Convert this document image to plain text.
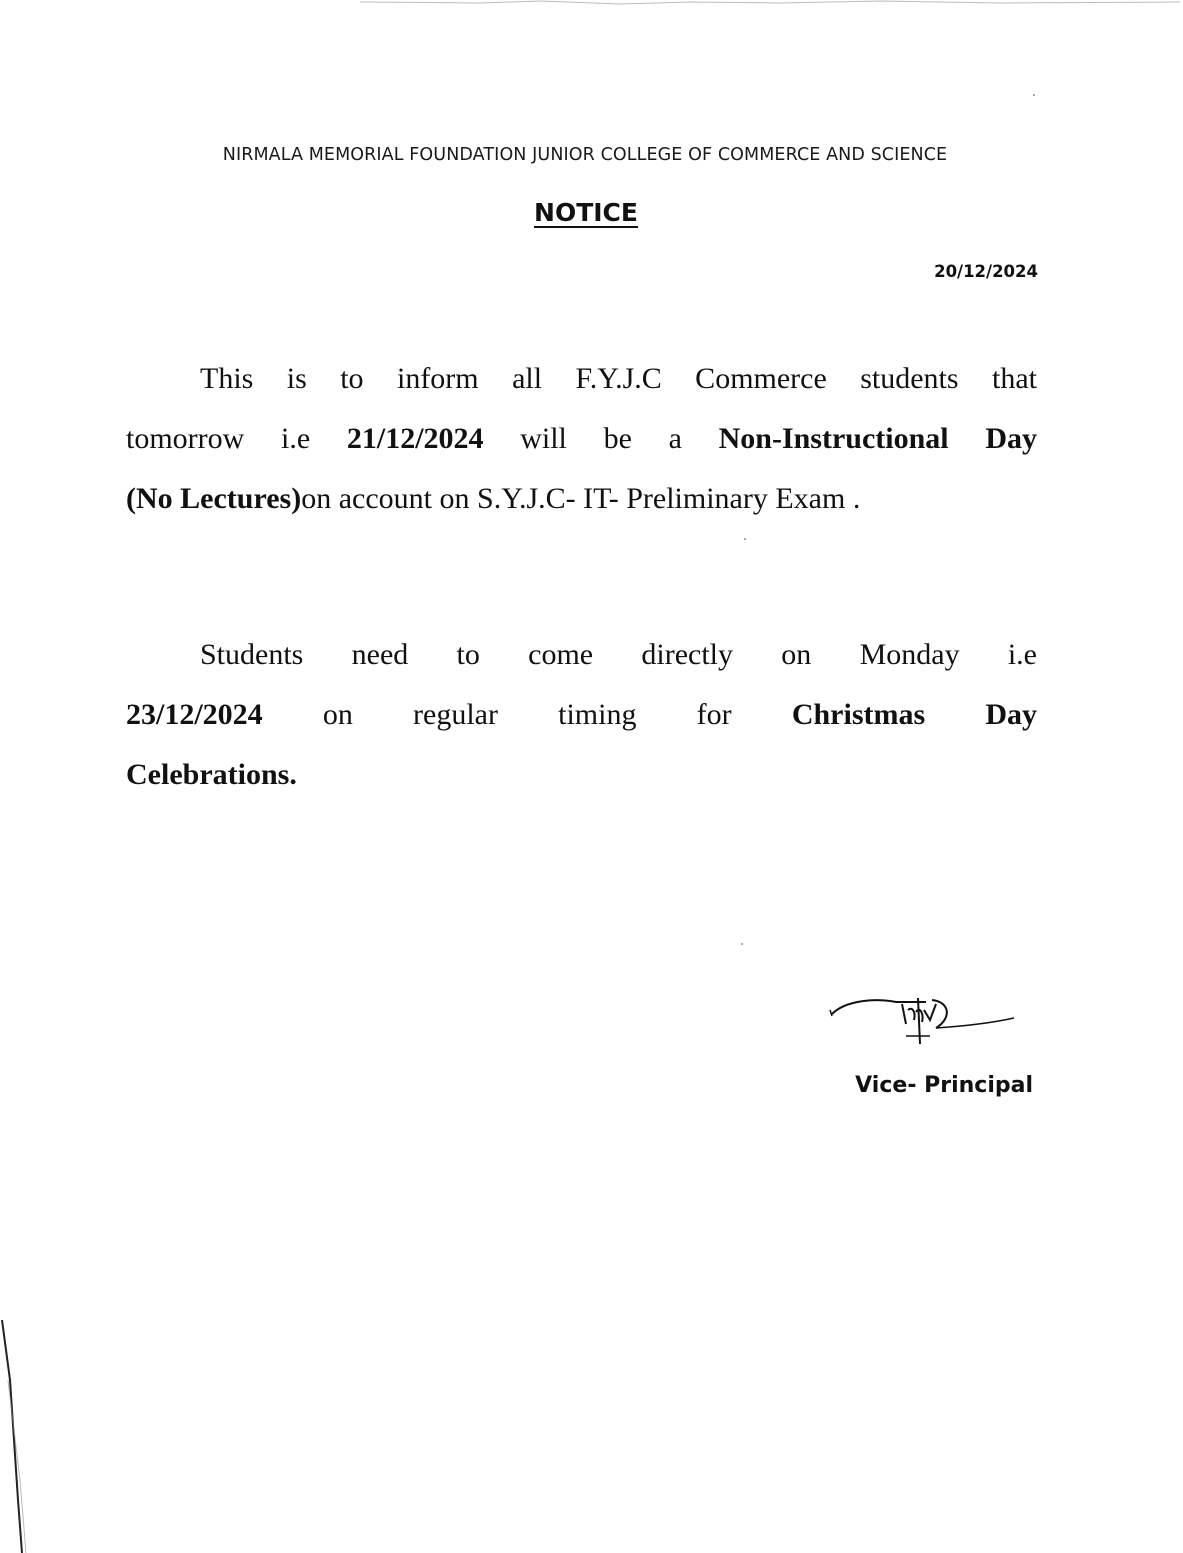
NIRMALA MEMORIAL FOUNDATION JUNIOR COLLEGE OF COMMERCE AND SCIENCE
NOTICE
20/12/2024
This is to inform all F.Y.J.C Commerce students that
tomorrow i.e 21/12/2024 will be a Non-Instructional Day
(No Lectures)on account on S.Y.J.C- IT- Preliminary Exam .
Students need to come directly on Monday i.e
23/12/2024 on regular timing for Christmas Day
Celebrations.
Vice- Principal
